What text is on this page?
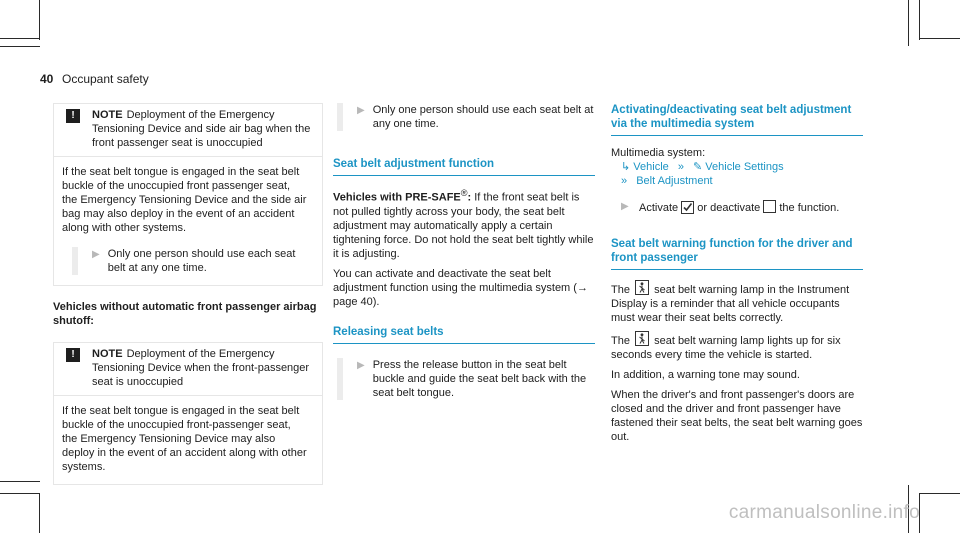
40 Occupant safety
!	NOTE Deployment of the Emergency Tensioning Device and side air bag when the front passenger seat is unoccupied

If the seat belt tongue is engaged in the seat belt buckle of the unoccupied front passenger seat, the Emergency Tensioning Device and the side air bag may also deploy in the event of an accident along with other systems.

▶ Only one person should use each seat belt at any one time.

Vehicles without automatic front passenger airbag shutoff:

!	NOTE Deployment of the Emergency Tensioning Device when the front-passenger seat is unoccupied

If the seat belt tongue is engaged in the seat belt buckle of the unoccupied front-passenger seat, the Emergency Tensioning Device may also deploy in the event of an accident along with other systems.

▶ Only one person should use each seat belt at any one time.

Seat belt adjustment function

Vehicles with PRE-SAFE®: If the front seat belt is not pulled tightly across your body, the seat belt adjustment may automatically apply a certain tightening force. Do not hold the seat belt tightly while it is adjusting.

You can activate and deactivate the seat belt adjustment function using the multimedia system (→ page 40).

Releasing seat belts

▶ Press the release button in the seat belt buckle and guide the seat belt back with the seat belt tongue.

Activating/deactivating seat belt adjustment via the multimedia system

Multimedia system:

↳ Vehicle » ✎ Vehicle Settings

» Belt Adjustment

▶ Activate or deactivate the function.

Seat belt warning function for the driver and front passenger

The seat belt warning lamp in the Instrument Display is a reminder that all vehicle occupants must wear their seat belts correctly.

The seat belt warning lamp lights up for six seconds every time the vehicle is started.

In addition, a warning tone may sound.

When the driver's and front passenger's doors are closed and the driver and front passenger have fastened their seat belts, the seat belt warning goes out.

carmanualsonline.info
